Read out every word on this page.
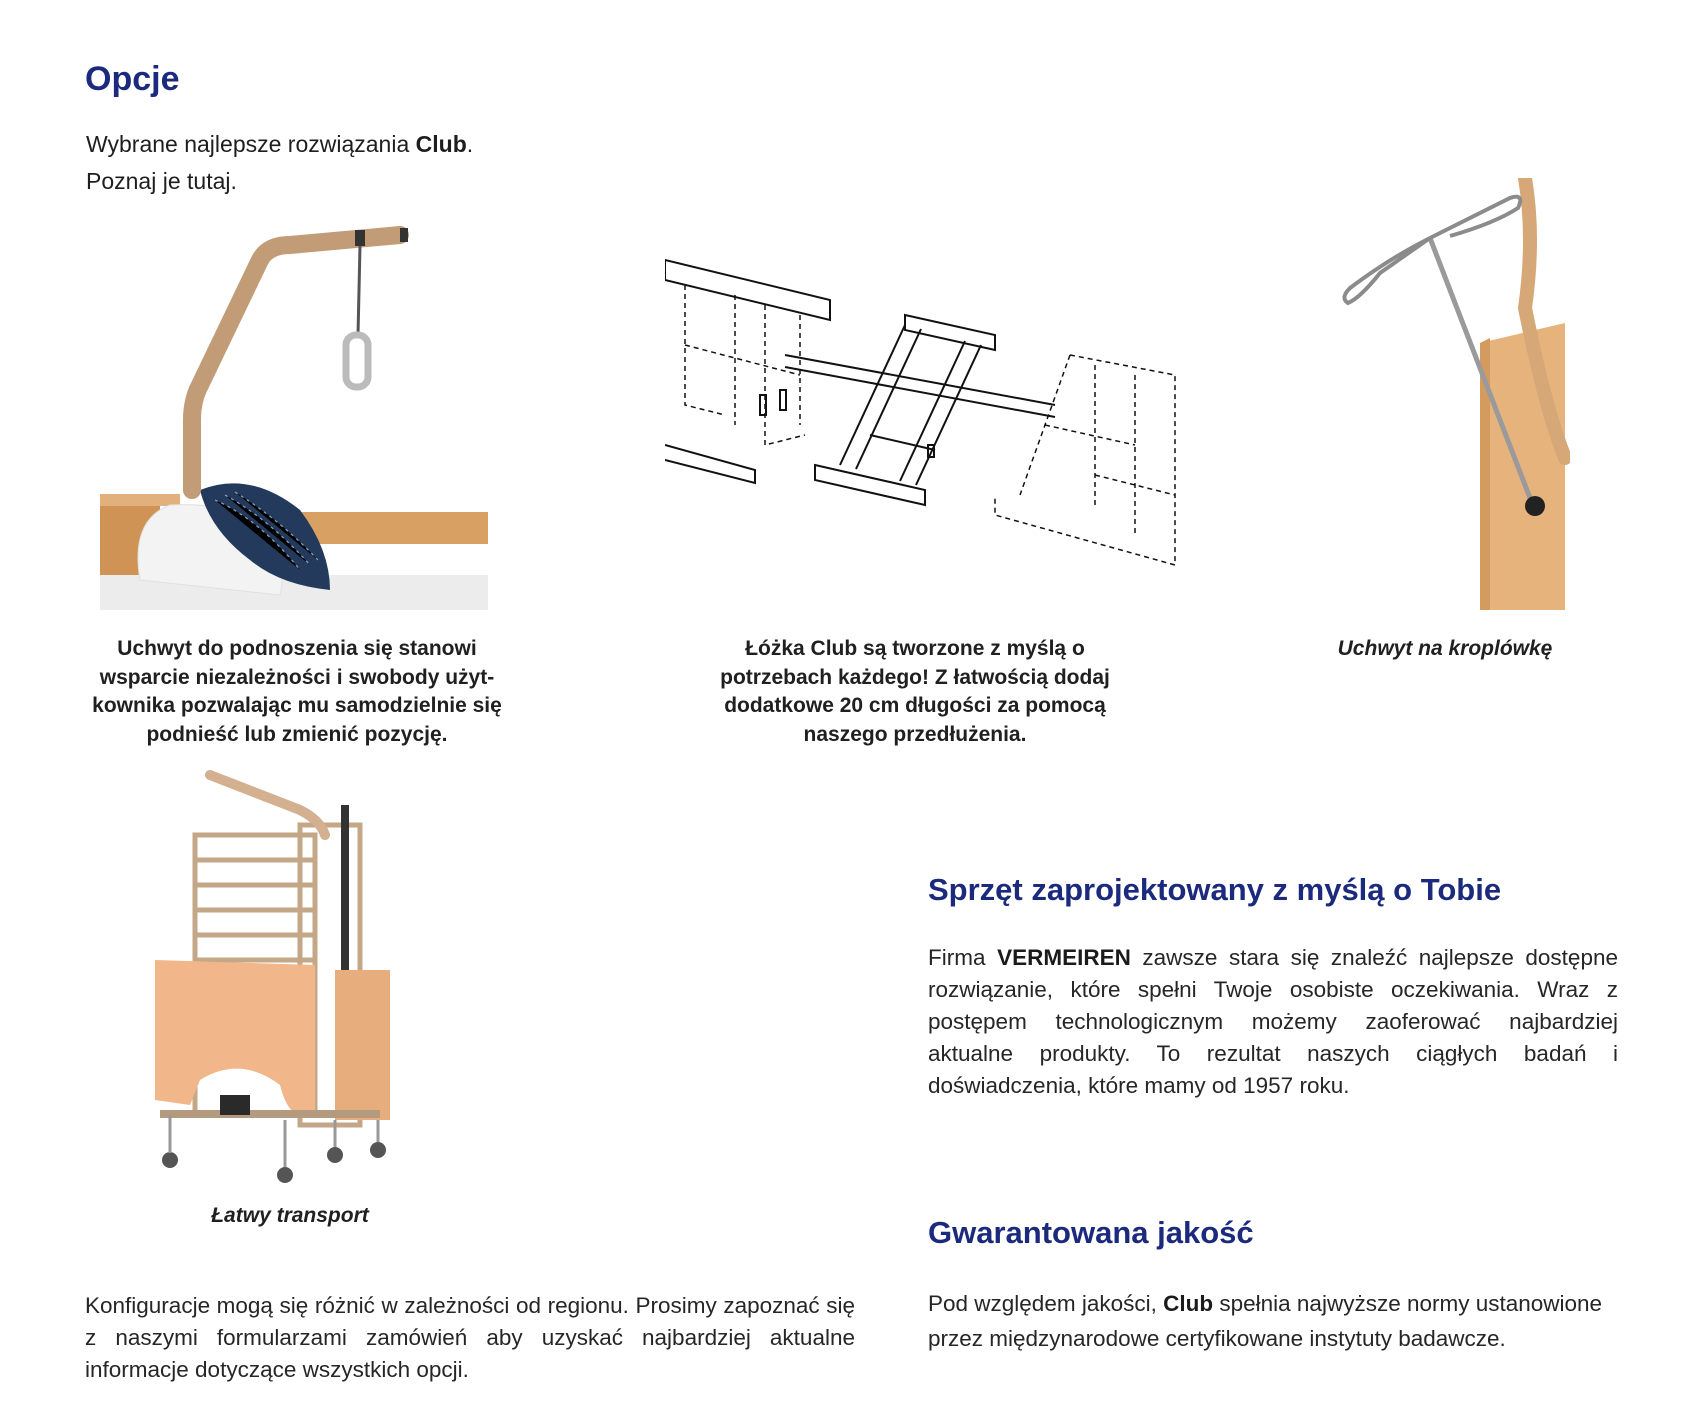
Opcje
Wybrane najlepsze rozwiązania Club.
Poznaj je tutaj.
Uchwyt do podnoszenia się stanowi wsparcie niezależności i swobody użyt-kownika pozwalając mu samodzielnie się podnieść lub zmienić pozycję.
Łóżka Club są tworzone z myślą o potrzebach każdego! Z łatwością dodaj dodatkowe 20 cm długości za pomocą naszego przedłużenia.
Uchwyt na kroplówkę
Łatwy transport
Sprzęt zaprojektowany z myślą o Tobie
Firma VERMEIREN zawsze stara się znaleźć najlepsze dostępne rozwiązanie, które spełni Twoje osobiste oczekiwania. Wraz z postępem technologicznym możemy zaoferować najbardziej aktualne produkty. To rezultat naszych ciągłych badań i doświadczenia, które mamy od 1957 roku.
Gwarantowana jakość
Pod względem jakości, Club spełnia najwyższe normy ustanowione przez międzynarodowe certyfikowane instytuty badawcze.
Konfiguracje mogą się różnić w zależności od regionu. Prosimy zapoznać się z naszymi formularzami zamówień aby uzyskać najbardziej aktualne informacje dotyczące wszystkich opcji.
